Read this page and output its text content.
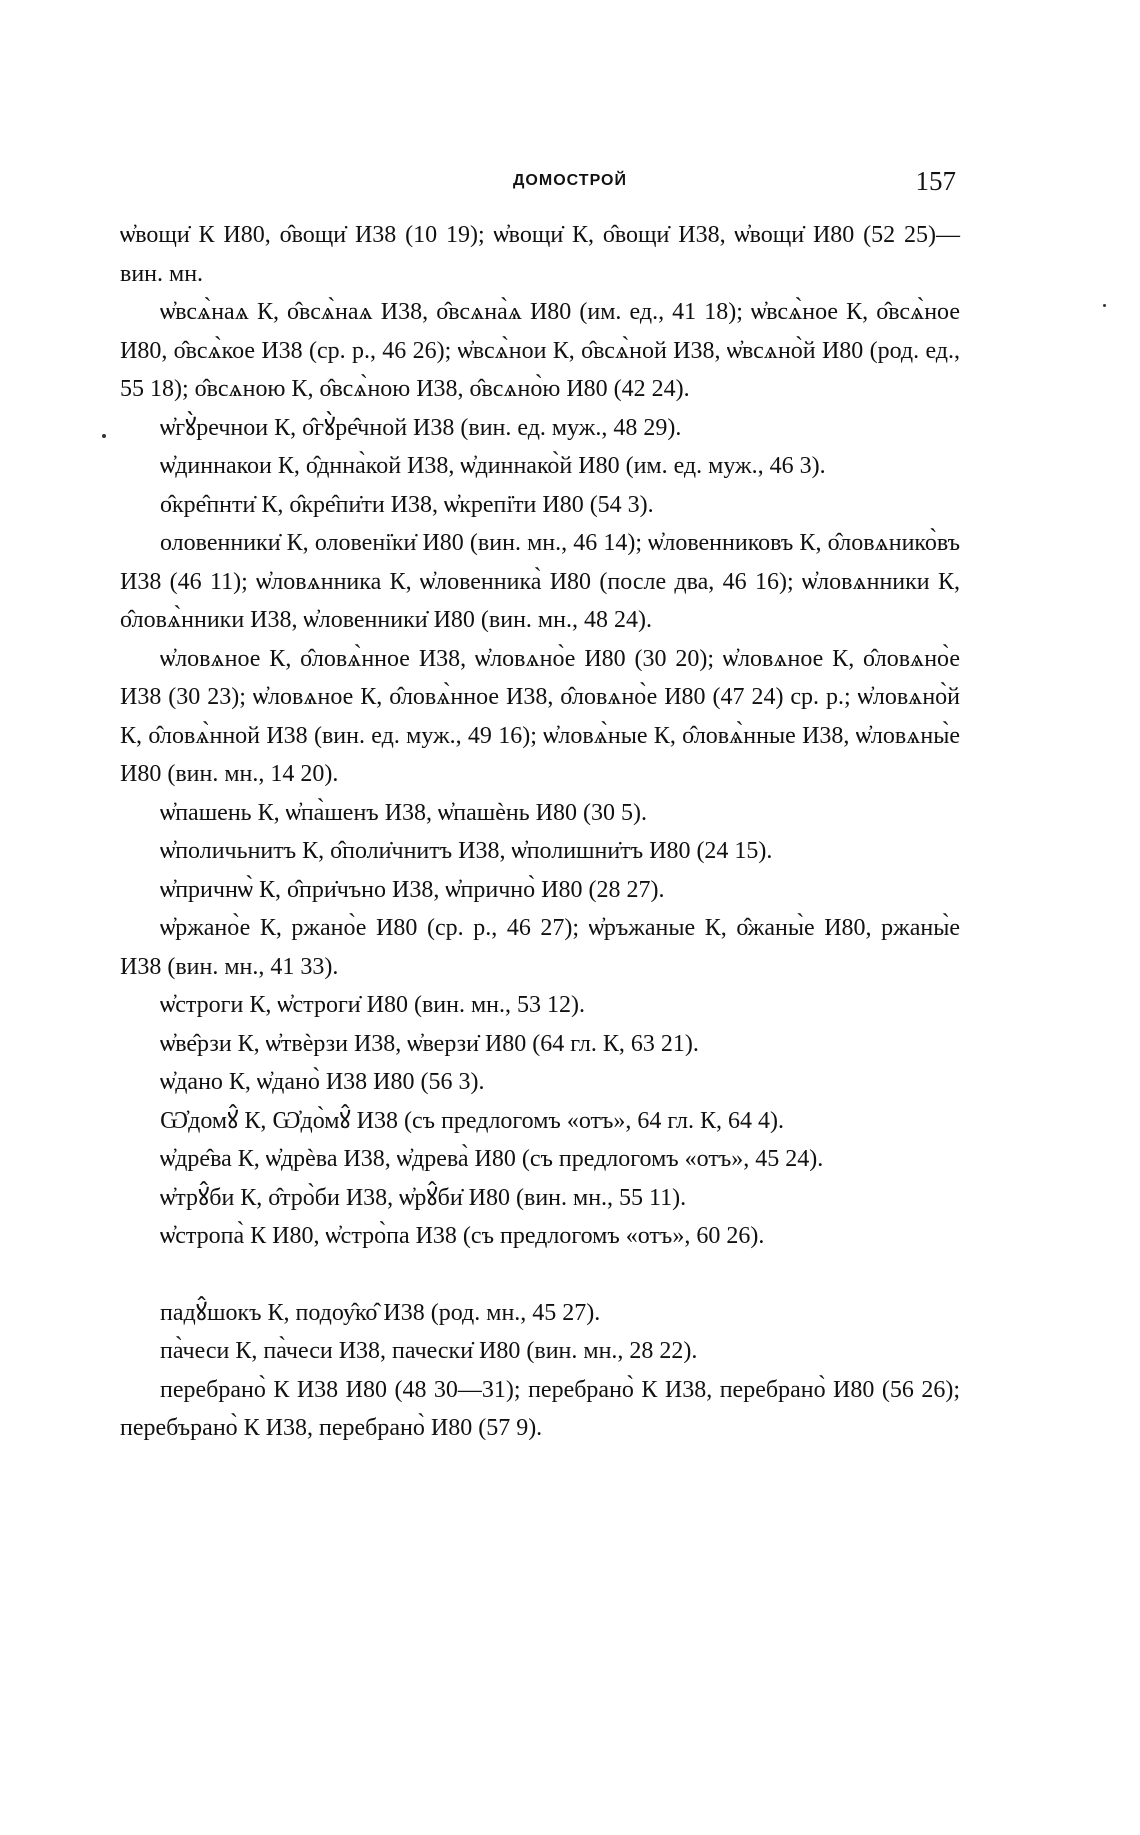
ДОМОСТРОЙ	157

ѡ̓вощи̇ К И80, о̂вощи̇ И38 (10 19); ѡ̓вощи̇ К, о̂вощи̇ И38, ѡ̓вощи̇ И80 (52 25)—вин. мн.

ѡ̓всѧ̀наѧ К, о̂всѧ̀наѧ И38, о̂всѧна̀ѧ И80 (им. ед., 41 18); ѡ̓всѧ̀ное К, о̂всѧ̀ное И80, о̂всѧ̀кое И38 (ср. р., 46 26); ѡ̓всѧ̀нои К, о̂всѧ̀ной И38, ѡ̓всѧно̀й И80 (род. ед., 55 18); о̂всѧною К, о̂всѧ̀ною И38, о̂всѧно̀ю И80 (42 24).

ѡ̓гꙋ̀речнои К, о̂гꙋ̀ре̂чной И38 (вин. ед. муж., 48 29).

ѡ̓диннакои К, о̂днна̀кой И38, ѡ̓диннако̀й И80 (им. ед. муж., 46 3).

о̂кре̂пнти̇ К, о̂кре̂пи̇ти И38, ѡ̓крепі̇ти И80 (54 3).

оловенники̇ К, оловені̇ки̇ И80 (вин. мн., 46 14); ѡ̓ловенниковъ К, о̂ловѧнико̀въ И38 (46 11); ѡ̓ловѧнника К, ѡ̓ловенника̀ И80 (после два, 46 16); ѡ̓ловѧнники К, о̂ловѧ̀нники И38, ѡ̓ловенники̇ И80 (вин. мн., 48 24).

ѡ̓ловѧное К, о̂ловѧ̀нное И38, ѡ̓ловѧно̀е И80 (30 20); ѡ̓ловѧное К, о̂ловѧно̀е И38 (30 23); ѡ̓ловѧное К, о̂ловѧ̀нное И38, о̂ловѧно̀е И80 (47 24) ср. р.; ѡ̓ловѧно̀й К, о̂ловѧ̀нной И38 (вин. ед. муж., 49 16); ѡ̓ловѧ̀ные К, о̂ловѧ̀нные И38, ѡ̓ловѧны̀е И80 (вин. мн., 14 20).

ѡ̓пашень К, ѡ̓па̀шенъ И38, ѡ̓пашѐнь И80 (30 5).

ѡ̓поличьнитъ К, о̂поли̇чнитъ И38, ѡ̓полишни̇тъ И80 (24 15).

ѡ̓причнѡ̀ К, о̂при̇чъно И38, ѡ̓прично̀ И80 (28 27).

ѡ̓ржано̀е К, ржано̀е И80 (ср. р., 46 27); ѡ̓ръжаные К, о̂жаны̀е И80, ржаны̀е И38 (вин. мн., 41 33).

ѡ̓строги К, ѡ̓строги̇ И80 (вин. мн., 53 12).

ѡ̓ве̂рзи К, ѡ̓твѐрзи И38, ѡ̓верзи̇ И80 (64 гл. К, 63 21).

ѡ̓дано К, ѡ̓дано̀ И38 И80 (56 3).

Ѡ̓домꙋ̂ К, Ѡ̓до̀мꙋ̂ И38 (съ предлогомъ «отъ», 64 гл. К, 64 4).

ѡ̓дре̂ва К, ѡ̓дрѐва И38, ѡ̓древа̀ И80 (съ предлогомъ «отъ», 45 24).

ѡ̓трꙋ̂би К, о̂тро̀би И38, ѡ̓рꙋ̂би̇ И80 (вин. мн., 55 11).

ѡ̓стропа̀ К И80, ѡ̓стро̀па И38 (съ предлогомъ «отъ», 60 26).

падꙋ̂шокъ К, подоу̂ко̂ И38 (род. мн., 45 27).

па̀чеси К, па̀чеси И38, пачески̇ И80 (вин. мн., 28 22).

перебрано̀ К И38 И80 (48 30—31); перебрано̀ К И38, перебрано̀ И80 (56 26); перебърано̀ К И38, перебрано̀ И80 (57 9).
